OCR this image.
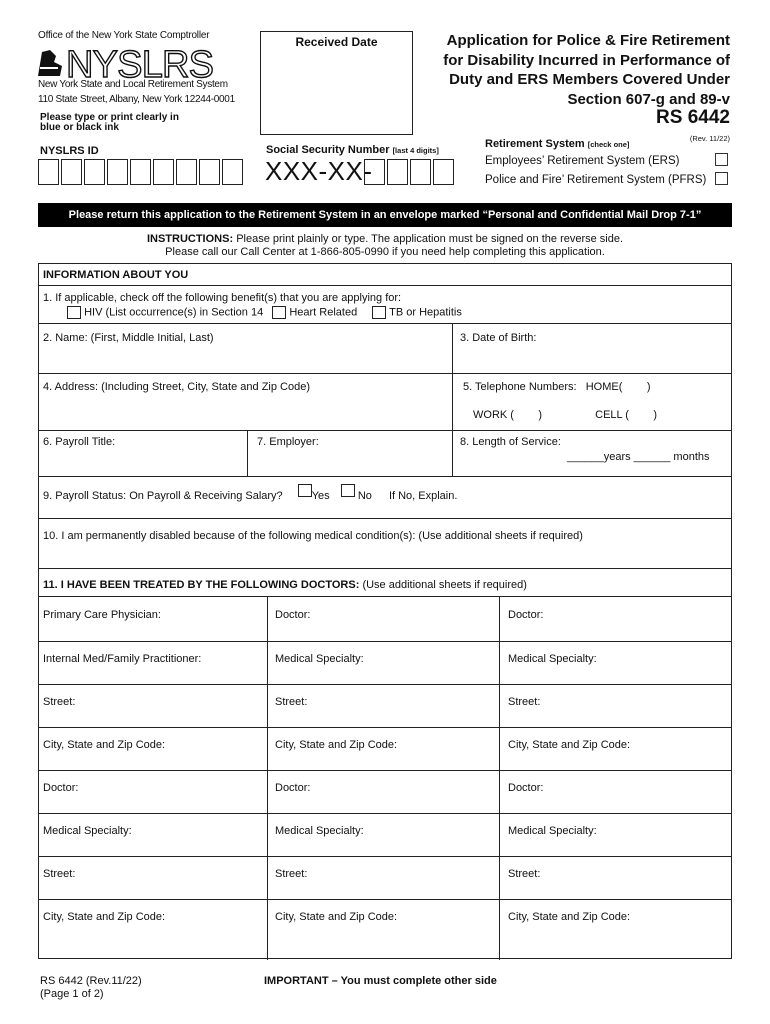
Office of the New York State Comptroller
NYSLRS
New York State and Local Retirement System
110 State Street, Albany, New York 12244-0001
Please type or print clearly in blue or black ink
NYSLRS ID
Received Date
Social Security Number [last 4 digits]
XXX-XX-
Application for Police & Fire Retirement for Disability Incurred in Performance of Duty and ERS Members Covered Under Section 607-g and 89-v
RS 6442
(Rev. 11/22)
Retirement System [check one]
Employees’ Retirement System (ERS)
Police and Fire’ Retirement System (PFRS)
Please return this application to the Retirement System in an envelope marked “Personal and Confidential Mail Drop 7-1”
INSTRUCTIONS: Please print plainly or type. The application must be signed on the reverse side.
Please call our Call Center at 1-866-805-0990 if you need help completing this application.
INFORMATION ABOUT YOU
1. If applicable, check off the following benefit(s) that you are applying for:
HIV (List occurrence(s) in Section 14 Heart Related	TB or Hepatitis
2. Name: (First, Middle Initial, Last)	3. Date of Birth:
4. Address: (Including Street, City, State and Zip Code)	5. Telephone Numbers: HOME( )
WORK ( )	CELL ( )
6. Payroll Title:	7. Employer:	8. Length of Service:
______years ______ months
9. Payroll Status: On Payroll & Receiving Salary?	Yes	No If No, Explain.
10. I am permanently disabled because of the following medical condition(s): (Use additional sheets if required)
11. I HAVE BEEN TREATED BY THE FOLLOWING DOCTORS: (Use additional sheets if required)
Primary Care Physician:	Doctor:	Doctor:
Internal Med/Family Practitioner:	Medical Specialty:	Medical Specialty:
Street:	Street:	Street:
City, State and Zip Code:	City, State and Zip Code:	City, State and Zip Code:
Doctor:	Doctor:	Doctor:
Medical Specialty:	Medical Specialty:	Medical Specialty:
Street:	Street:	Street:
City, State and Zip Code:	City, State and Zip Code:	City, State and Zip Code:
RS 6442 (Rev.11/22)
(Page 1 of 2)
IMPORTANT – You must complete other side
